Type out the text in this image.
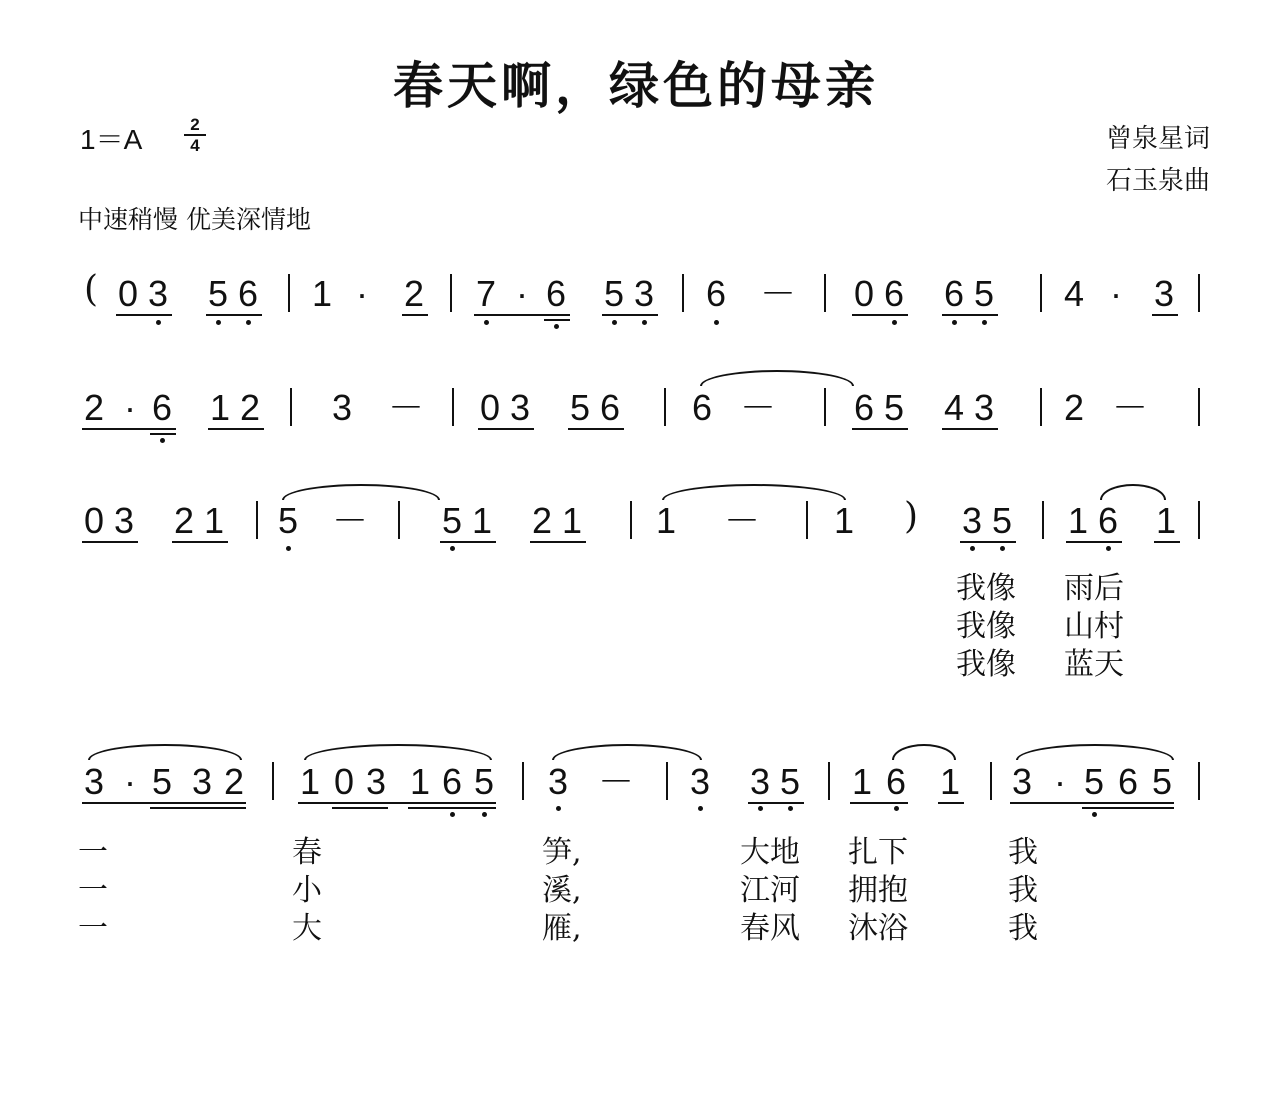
春天啊，绿色的母亲
1＝A	2
4	曾泉星词
石玉泉曲
中速稍慢 优美深情地
( 0 3 5 6 1 · 2 7 · 6 5 3 6 － 0 6 6 5 4 · 3
2 · 6 1 2 3 － 0 3 5 6 6 － 6 5 4 3 2 －
0 3 2 1 5 － 5 1 2 1 1 － 1 ) 3 5 1 6 1
我像 雨后
我像 山村
我像 蓝天
3 · 5 3 2 1 0 3 1 6 5 3 － 3 3 5 1 6 1 3 · 5 6 5
一	春	笋,	大地 扎下	我
一	小	溪,	江河 拥抱	我
一	大	雁,	春风 沐浴	我
